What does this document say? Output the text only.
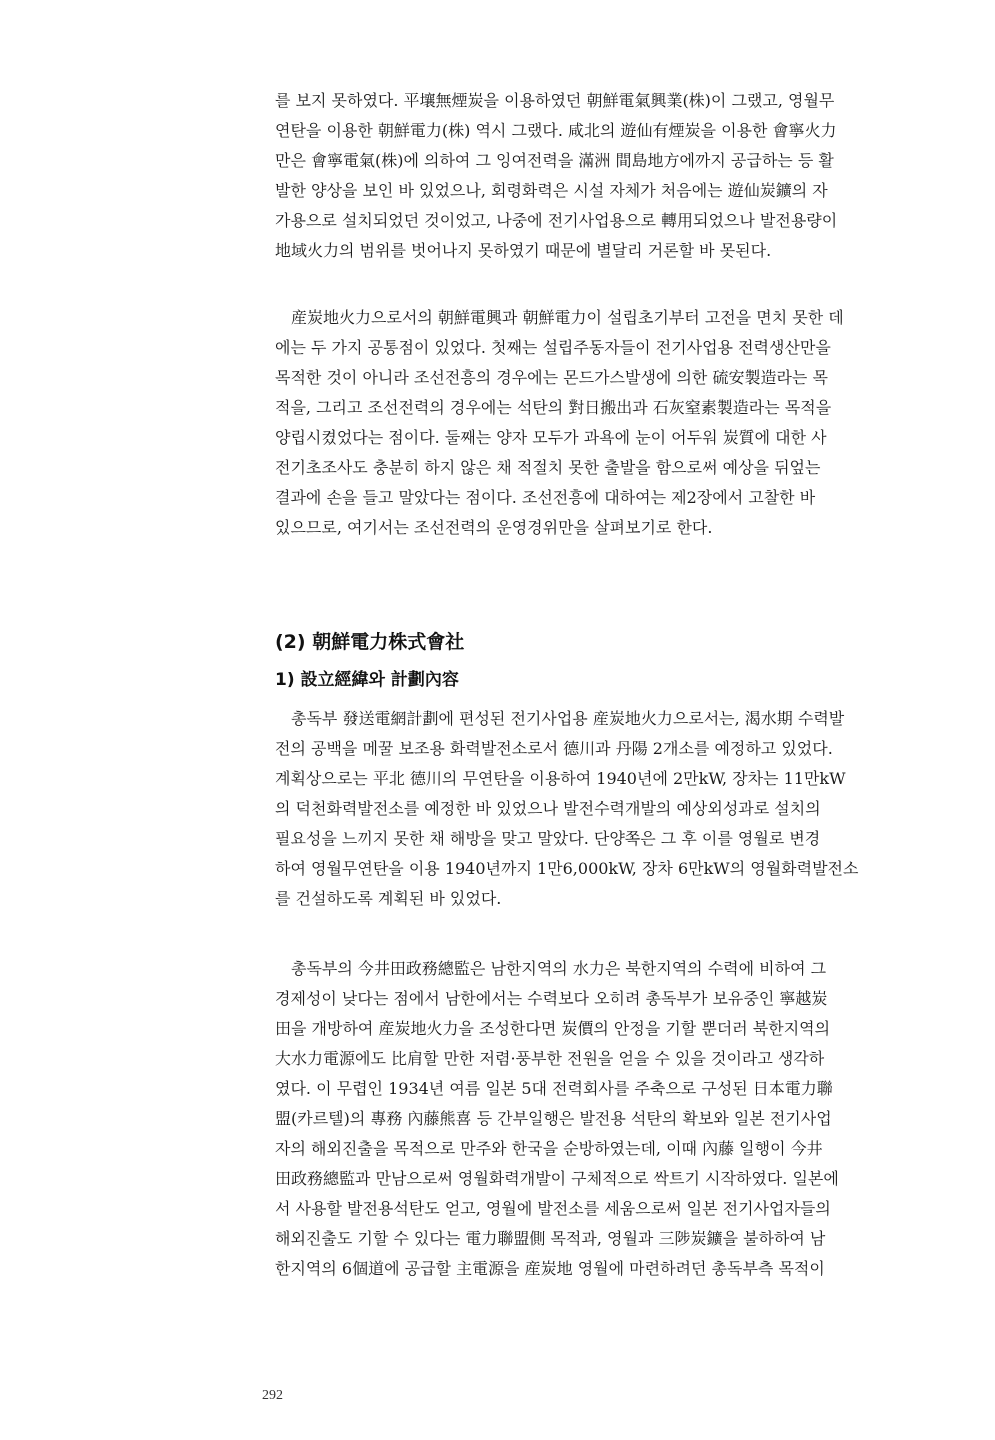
를 보지 못하였다. 平壤無煙炭을 이용하였던 朝鮮電氣興業(株)이 그랬고, 영월무
연탄을 이용한 朝鮮電力(株) 역시 그랬다. 咸北의 遊仙有煙炭을 이용한 會寧火力
만은 會寧電氣(株)에 의하여 그 잉여전력을 滿洲 間島地方에까지 공급하는 등 활
발한 양상을 보인 바 있었으나, 회령화력은 시설 자체가 처음에는 遊仙炭鑛의 자
가용으로 설치되었던 것이었고, 나중에 전기사업용으로 轉用되었으나 발전용량이
地域火力의 범위를 벗어나지 못하였기 때문에 별달리 거론할 바 못된다.
産炭地火力으로서의 朝鮮電興과 朝鮮電力이 설립초기부터 고전을 면치 못한 데
에는 두 가지 공통점이 있었다. 첫째는 설립주동자들이 전기사업용 전력생산만을
목적한 것이 아니라 조선전흥의 경우에는 몬드가스발생에 의한 硫安製造라는 목
적을, 그리고 조선전력의 경우에는 석탄의 對日搬出과 石灰窒素製造라는 목적을
양립시켰었다는 점이다. 둘째는 양자 모두가 과욕에 눈이 어두워 炭質에 대한 사
전기초조사도 충분히 하지 않은 채 적절치 못한 출발을 함으로써 예상을 뒤엎는
결과에 손을 들고 말았다는 점이다. 조선전흥에 대하여는 제2장에서 고찰한 바
있으므로, 여기서는 조선전력의 운영경위만을 살펴보기로 한다.
(2) 朝鮮電力株式會社
1) 設立經緯와 計劃內容
총독부 發送電網計劃에 편성된 전기사업용 産炭地火力으로서는, 渴水期 수력발
전의 공백을 메꿀 보조용 화력발전소로서 德川과 丹陽 2개소를 예정하고 있었다.
계획상으로는 平北 德川의 무연탄을 이용하여 1940년에 2만kW, 장차는 11만kW
의 덕천화력발전소를 예정한 바 있었으나 발전수력개발의 예상외성과로 설치의
필요성을 느끼지 못한 채 해방을 맞고 말았다. 단양쪽은 그 후 이를 영월로 변경
하여 영월무연탄을 이용 1940년까지 1만6,000kW, 장차 6만kW의 영월화력발전소
를 건설하도록 계획된 바 있었다.
총독부의 今井田政務總監은 남한지역의 水力은 북한지역의 수력에 비하여 그
경제성이 낮다는 점에서 남한에서는 수력보다 오히려 총독부가 보유중인 寧越炭
田을 개방하여 産炭地火力을 조성한다면 炭價의 안정을 기할 뿐더러 북한지역의
大水力電源에도 比肩할 만한 저렴·풍부한 전원을 얻을 수 있을 것이라고 생각하
였다. 이 무렵인 1934년 여름 일본 5대 전력회사를 주축으로 구성된 日本電力聯
盟(카르텔)의 專務 內藤熊喜 등 간부일행은 발전용 석탄의 확보와 일본 전기사업
자의 해외진출을 목적으로 만주와 한국을 순방하였는데, 이때 內藤 일행이 今井
田政務總監과 만남으로써 영월화력개발이 구체적으로 싹트기 시작하였다. 일본에
서 사용할 발전용석탄도 얻고, 영월에 발전소를 세움으로써 일본 전기사업자들의
해외진출도 기할 수 있다는 電力聯盟側 목적과, 영월과 三陟炭鑛을 불하하여 남
한지역의 6個道에 공급할 主電源을 産炭地 영월에 마련하려던 총독부측 목적이
292
